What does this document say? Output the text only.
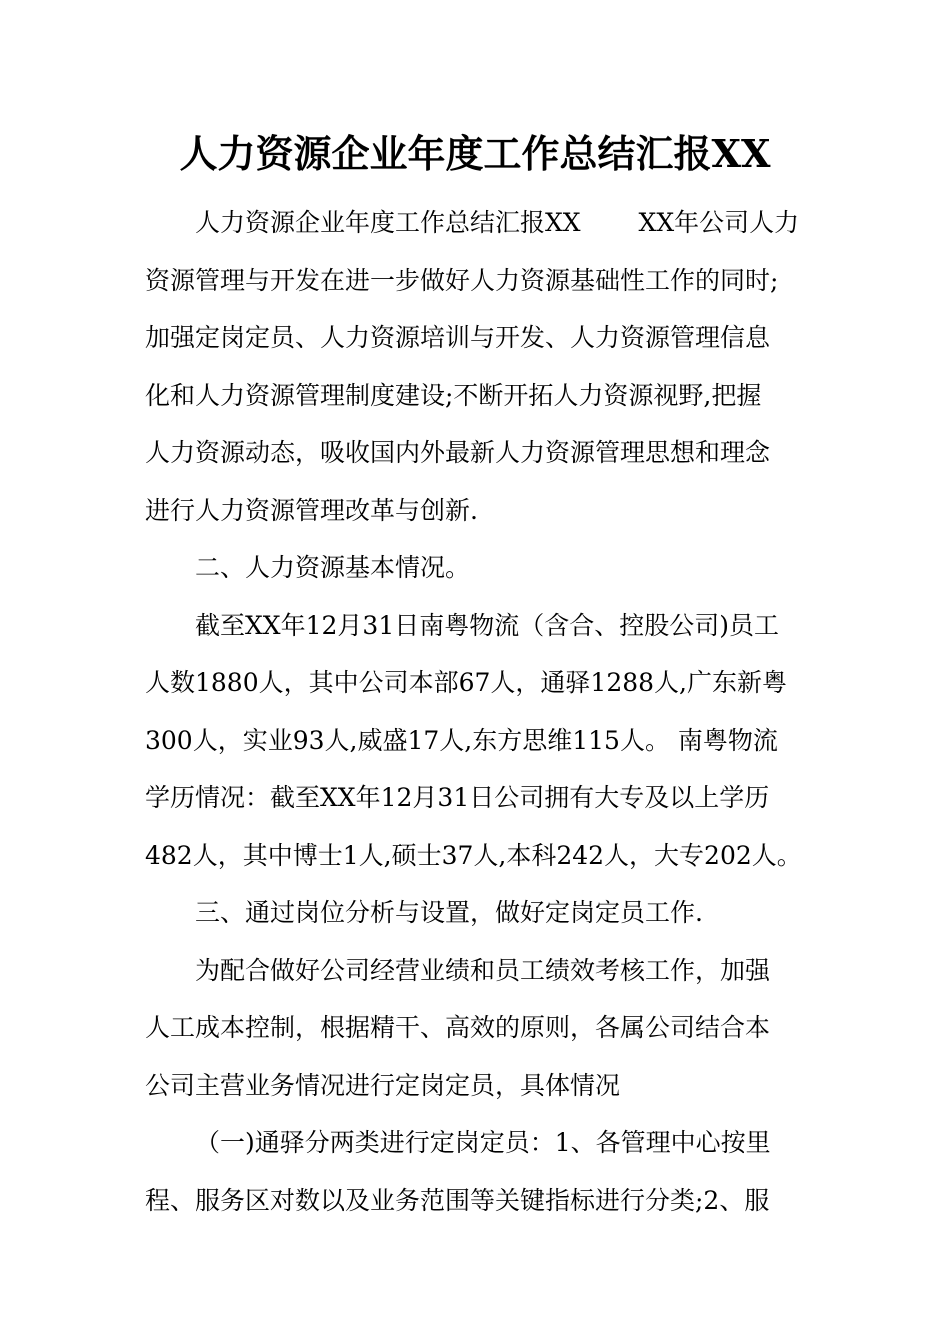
人力资源企业年度工作总结汇报XX
人力资源企业年度工作总结汇报XX　　 XX年公司人力
资源管理与开发在进一步做好人力资源基础性工作的同时;
加强定岗定员、人力资源培训与开发、人力资源管理信息
化和人力资源管理制度建设;不断开拓人力资源视野,把握
人力资源动态，吸收国内外最新人力资源管理思想和理念
进行人力资源管理改革与创新.
二、人力资源基本情况。
截至XX年12月31日南粤物流（含合、控股公司)员工
人数1880人，其中公司本部67人，通驿1288人,广东新粤
300人，实业93人,威盛17人,东方思维115人。 南粤物流
学历情况：截至XX年12月31日公司拥有大专及以上学历
482人，其中博士1人,硕士37人,本科242人，大专202人。
三、通过岗位分析与设置，做好定岗定员工作.
为配合做好公司经营业绩和员工绩效考核工作，加强
人工成本控制，根据精干、高效的原则，各属公司结合本
公司主营业务情况进行定岗定员，具体情况
（一)通驿分两类进行定岗定员：1、各管理中心按里
程、服务区对数以及业务范围等关键指标进行分类;2、服
